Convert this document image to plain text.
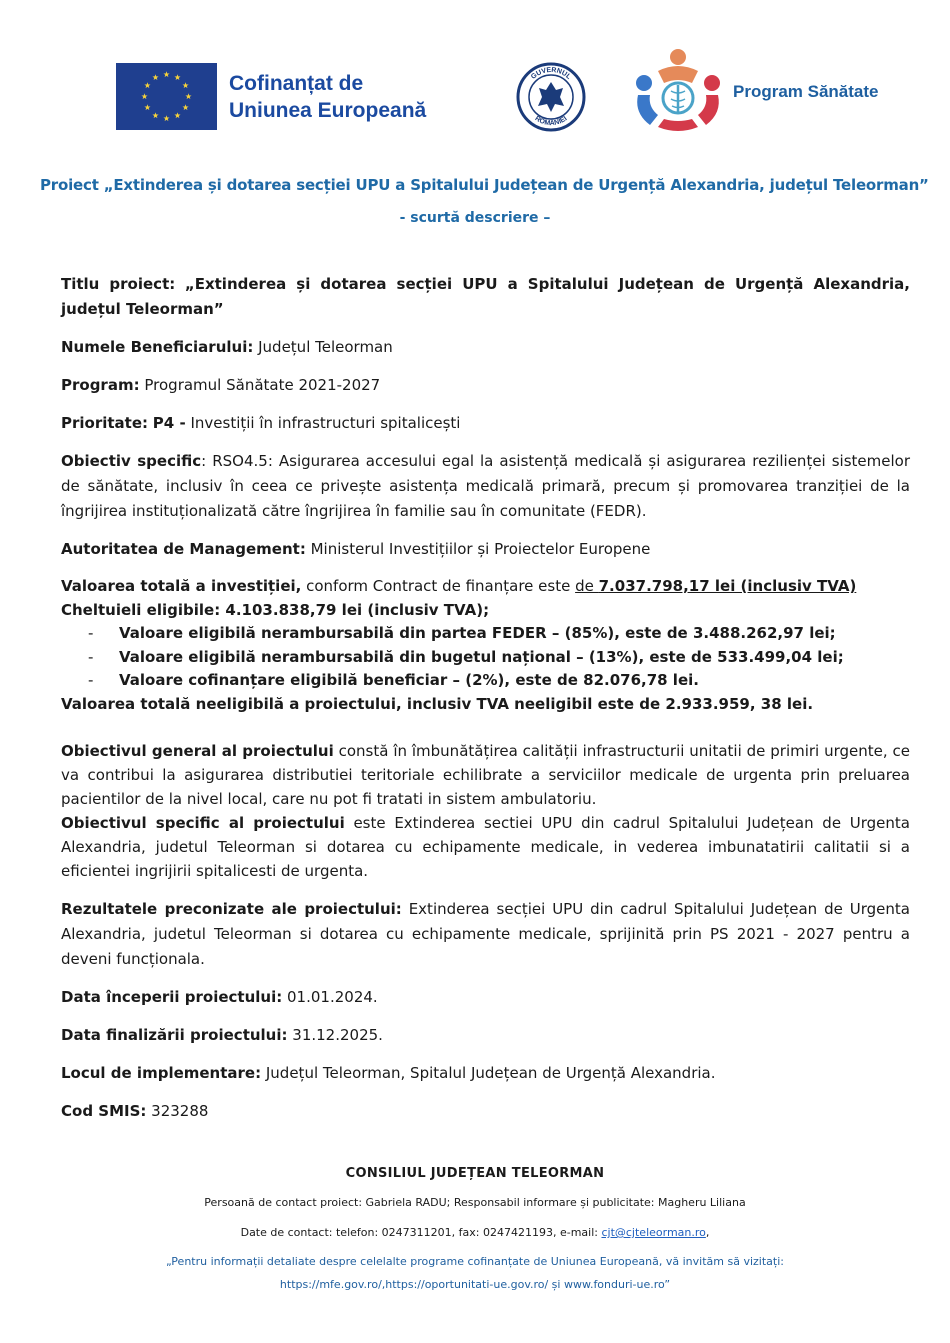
Cofinanțat de
Uniunea Europeană
GUVERNUL
ROMÂNIEI
Program Sănătate
Proiect „Extinderea și dotarea secției UPU a Spitalului Județean de Urgență Alexandria, județul Teleorman”
- scurtă descriere –

Titlu proiect: „Extinderea și dotarea secției UPU a Spitalului Județean de Urgență Alexandria, județul Teleorman”

Numele Beneficiarului: Județul Teleorman

Program: Programul Sănătate 2021-2027

Prioritate: P4 - Investiții în infrastructuri spitalicești

Obiectiv specific: RSO4.5: Asigurarea accesului egal la asistență medicală și asigurarea rezilienței sistemelor de sănătate, inclusiv în ceea ce privește asistența medicală primară, precum și promovarea tranziției de la îngrijirea instituționalizată către îngrijirea în familie sau în comunitate (FEDR).

Autoritatea de Management: Ministerul Investițiilor și Proiectelor Europene

Valoarea totală a investiției, conform Contract de finanțare este de 7.037.798,17 lei (inclusiv TVA)

Cheltuieli eligibile: 4.103.838,79 lei (inclusiv TVA);

- Valoare eligibilă nerambursabilă din partea FEDER – (85%), este de 3.488.262,97 lei;
- Valoare eligibilă nerambursabilă din bugetul național – (13%), este de 533.499,04 lei;
- Valoare cofinanțare eligibilă beneficiar – (2%), este de 82.076,78 lei.

Valoarea totală neeligibilă a proiectului, inclusiv TVA neeligibil este de 2.933.959, 38 lei.

Obiectivul general al proiectului constă în îmbunătățirea calității infrastructurii unitatii de primiri urgente, ce va contribui la asigurarea distributiei teritoriale echilibrate a serviciilor medicale de urgenta prin preluarea pacientilor de la nivel local, care nu pot fi tratati in sistem ambulatoriu.

Obiectivul specific al proiectului este Extinderea sectiei UPU din cadrul Spitalului Județean de Urgenta Alexandria, judetul Teleorman si dotarea cu echipamente medicale, in vederea imbunatatirii calitatii si a eficientei ingrijirii spitalicesti de urgenta.

Rezultatele preconizate ale proiectului: Extinderea secției UPU din cadrul Spitalului Județean de Urgenta Alexandria, judetul Teleorman si dotarea cu echipamente medicale, sprijinită prin PS 2021 - 2027 pentru a deveni funcționala.

Data începerii proiectului: 01.01.2024.

Data finalizării proiectului: 31.12.2025.

Locul de implementare: Județul Teleorman, Spitalul Județean de Urgență Alexandria.

Cod SMIS: 323288

CONSILIUL JUDEȚEAN TELEORMAN
Persoană de contact proiect: Gabriela RADU; Responsabil informare și publicitate: Magheru Liliana
Date de contact: telefon: 0247311201, fax: 0247421193, e-mail: cjt@cjteleorman.ro,
„Pentru informații detaliate despre celelalte programe cofinanțate de Uniunea Europeană, vă invităm să vizitați:
https://mfe.gov.ro/,https://oportunitati-ue.gov.ro/ și www.fonduri-ue.ro”
